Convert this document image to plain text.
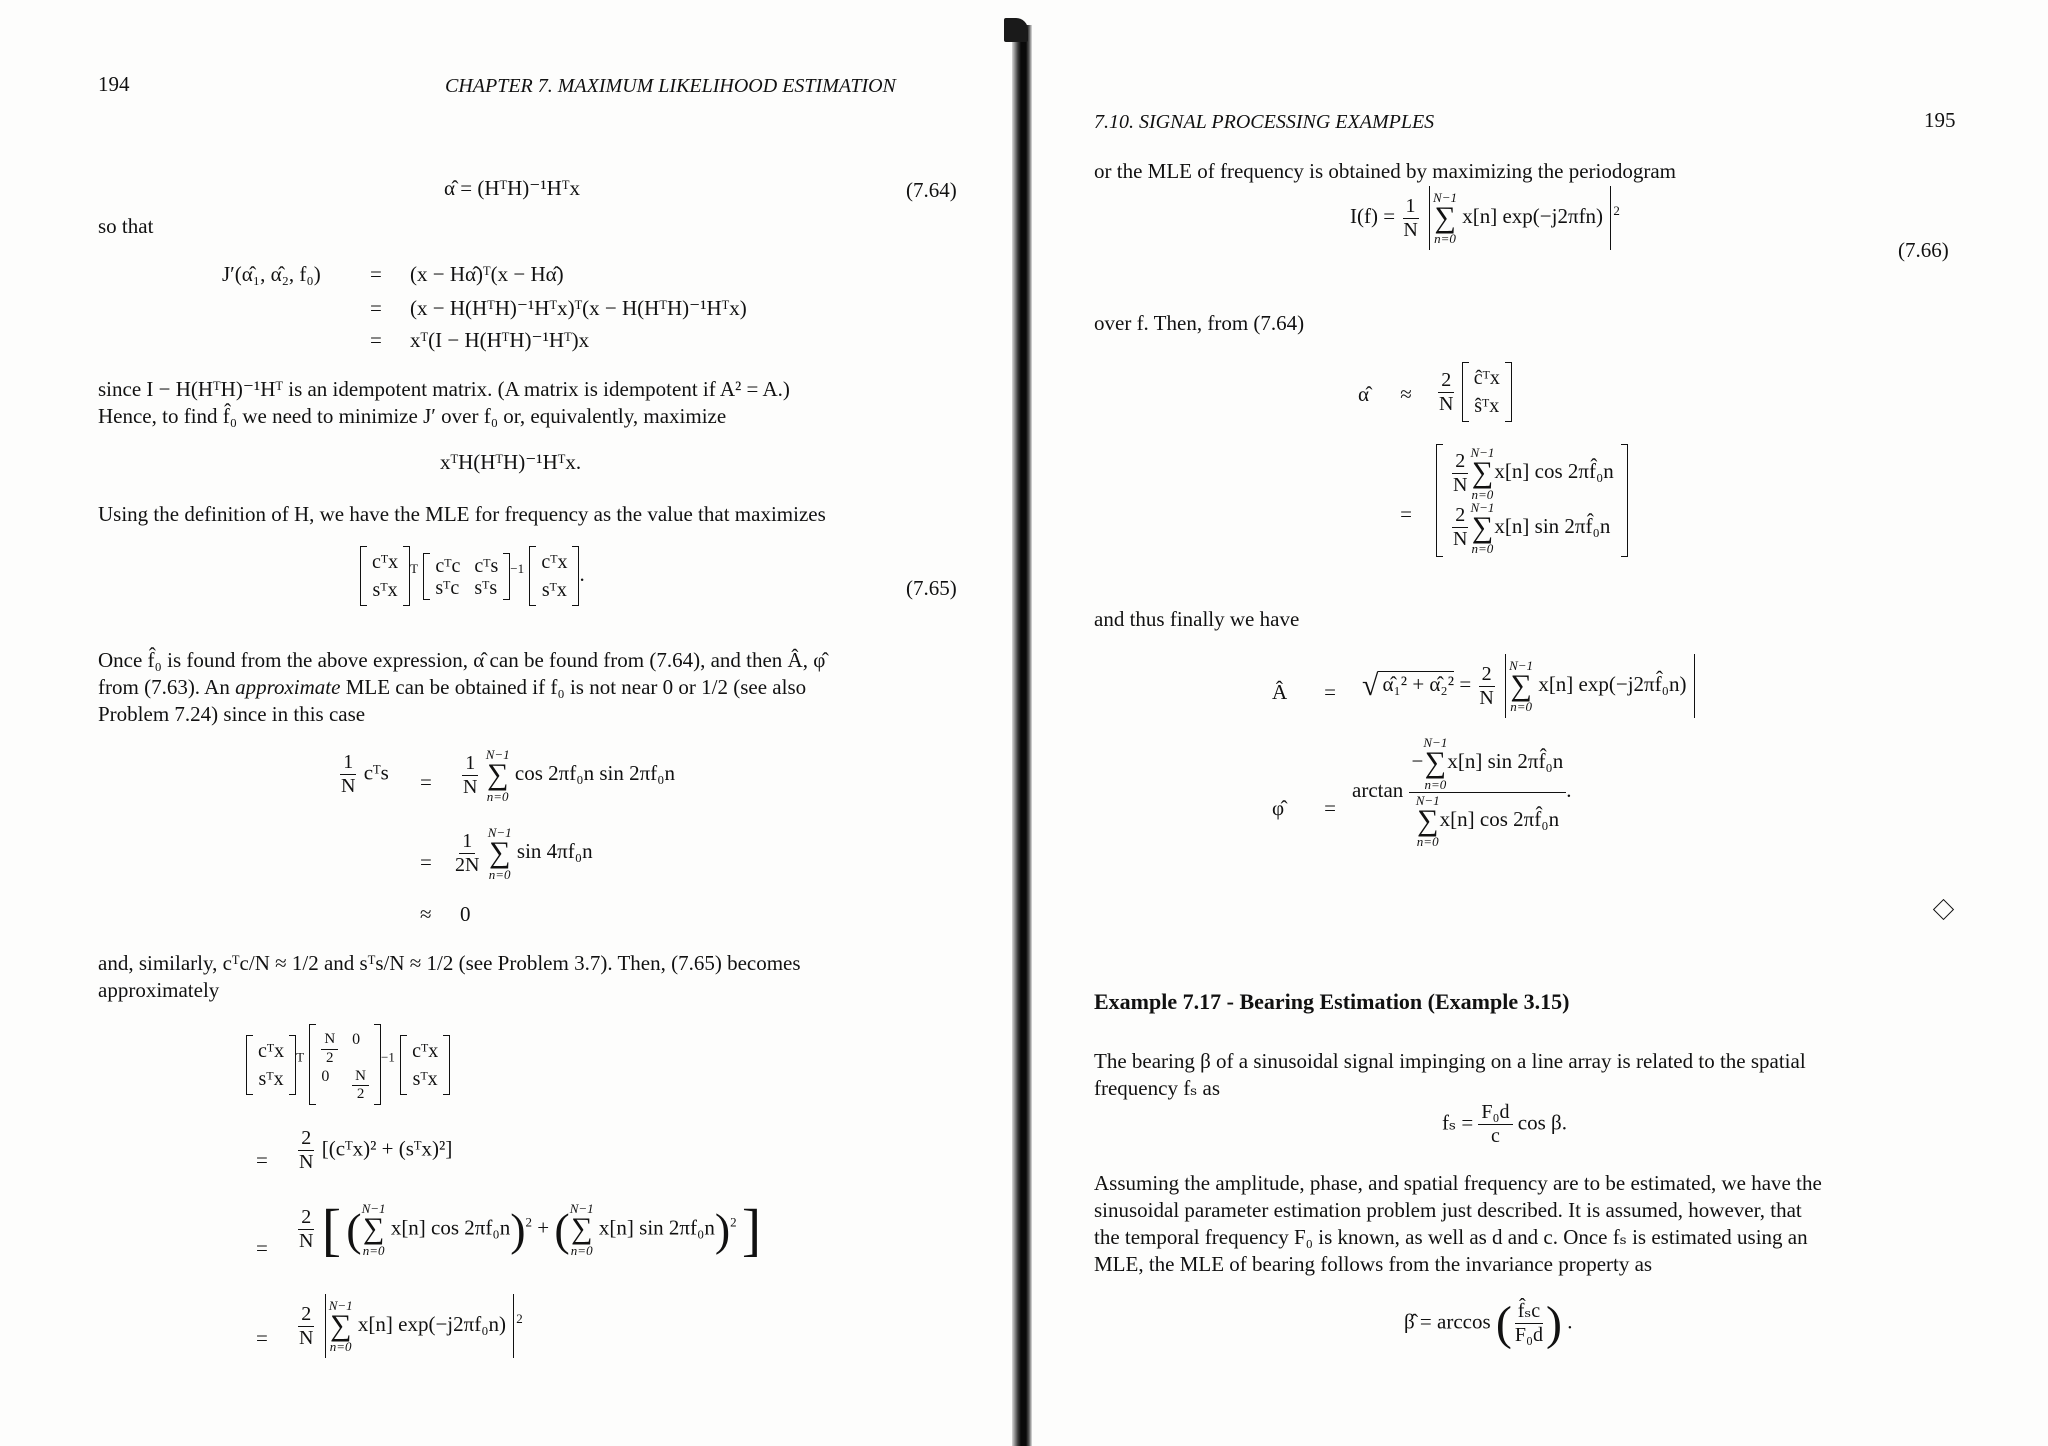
194	CHAPTER 7. MAXIMUM LIKELIHOOD ESTIMATION
α̂ = (HᵀH)⁻¹Hᵀx	(7.64)
so that
J′(α̂₁, α̂₂, f₀) = (x − Hα̂)ᵀ(x − Hα̂)
= (x − H(HᵀH)⁻¹Hᵀx)ᵀ(x − H(HᵀH)⁻¹Hᵀx)
= xᵀ(I − H(HᵀH)⁻¹Hᵀ)x
since I − H(HᵀH)⁻¹Hᵀ is an idempotent matrix. (A matrix is idempotent if A² = A.)
Hence, to find f̂₀ we need to minimize J′ over f₀ or, equivalently, maximize
xᵀH(HᵀH)⁻¹Hᵀx.
Using the definition of H, we have the MLE for frequency as the value that maximizes
cᵀx
sᵀx
$^T$ cᵀc cᵀs
sᵀc sᵀs
$^{-1}$ cᵀx
sᵀx
.
(7.65)
Once f̂₀ is found from the above expression, α̂ can be found from (7.64), and then Â, φ̂
from (7.63). An approximate MLE can be obtained if f₀ is not near 0 or 1/2 (see also
Problem 7.24) since in this case
$\frac{1}{N}$ cᵀs = $\frac{1}{N}$
N−1
∑
n=0
cos 2πf₀n sin 2πf₀n
= $\frac{1}{2N}$
N−1
∑
n=0
sin 4πf₀n
≈ 0
and, similarly, cᵀc/N ≈ 1/2 and sᵀs/N ≈ 1/2 (see Problem 3.7). Then, (7.65) becomes
approximately
cᵀx
sᵀx
$^T \frac{N}{2} 0$
0	$\frac{N}{2}$
$^{-1}$ cᵀx
sᵀx
= $\frac{2}{N}$ [(cᵀx)² + (sᵀx)²]
= $\frac{2}{N}$ [ ( N−1
∑
n=0
x[n] cos 2πf₀n)$^2$ + ( N−1
∑
n=0
x[n] sin 2πf₀n)$^2$ ]
= $\frac{2}{N}$
N−1
∑
n=0
x[n] exp(−j2πf₀n) $^2$
7.10. SIGNAL PROCESSING EXAMPLES	195
or the MLE of frequency is obtained by maximizing the periodogram
$I(f) = \frac{1}{N}$
N−1
∑
n=0
x[n] exp(−j2πfn) $^2$
(7.66)
over f. Then, from (7.64)
α̂	≈	$\frac{2}{N}$
ĉᵀx
ŝᵀx
=
$\frac{2}{N} N-1$
∑
n=0
x[n] cos 2πf̂₀n
$\frac{2}{N} N-1$
∑
n=0
x[n] sin 2πf̂₀n
and thus finally we have
Â	= √ α̂₁² + α̂₂² = $\frac{2}{N}$
N−1
∑
n=0
x[n] exp(−j2πf̂₀n)
φ̂	=
arctan −
N−1
∑
n=0
x[n] sin 2πf̂₀n
N−1
∑
n=0
x[n] cos 2πf̂₀n .
Example 7.17 - Bearing Estimation (Example 3.15)
The bearing β of a sinusoidal signal impinging on a line array is related to the spatial
frequency fₛ as
$f_s = \frac{\text{F₀d}}{c}$ cos β.
Assuming the amplitude, phase, and spatial frequency are to be estimated, we have the
sinusoidal parameter estimation problem just described. It is assumed, however, that
the temporal frequency F₀ is known, as well as d and c. Once fₛ is estimated using an
MLE, the MLE of bearing follows from the invariance property as
β̂ = arccos ( $\frac{\text{f̂ₛc}}{\text{F₀d}}$ ) .
